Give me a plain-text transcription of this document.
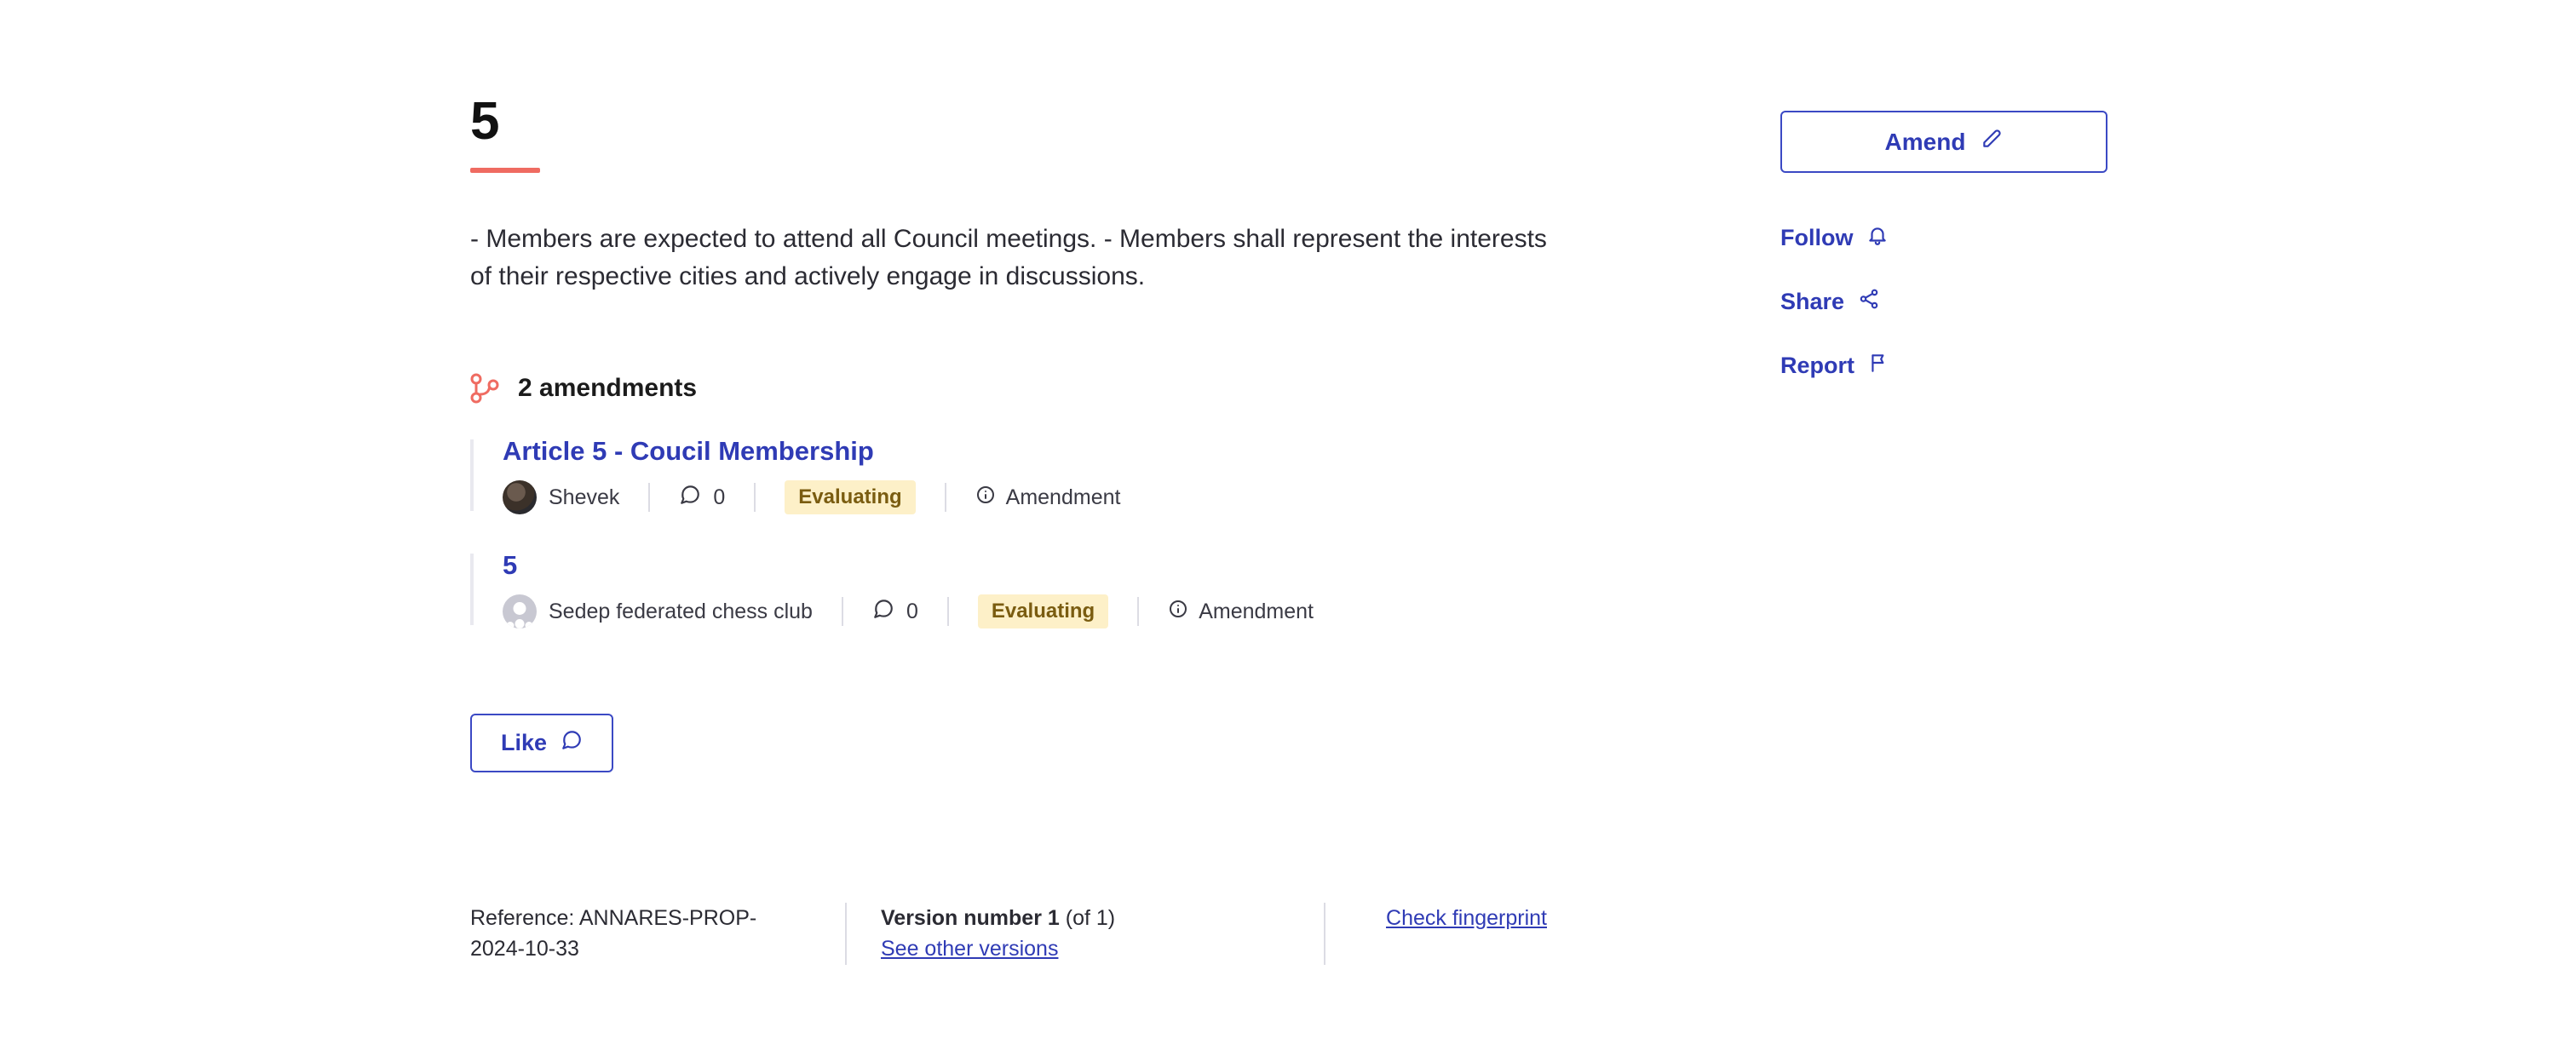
5
- Members are expected to attend all Council meetings. - Members shall represent the interests of their respective cities and actively engage in discussions.
2 amendments
Article 5 - Coucil Membership
Shevek	0	Evaluating	Amendment
5
Sedep federated chess club	0	Evaluating	Amendment
Like
Reference: ANNARES-PROP-2024-10-33
Version number 1 (of 1)
See other versions
Check fingerprint
Amend
Follow
Share
Report
